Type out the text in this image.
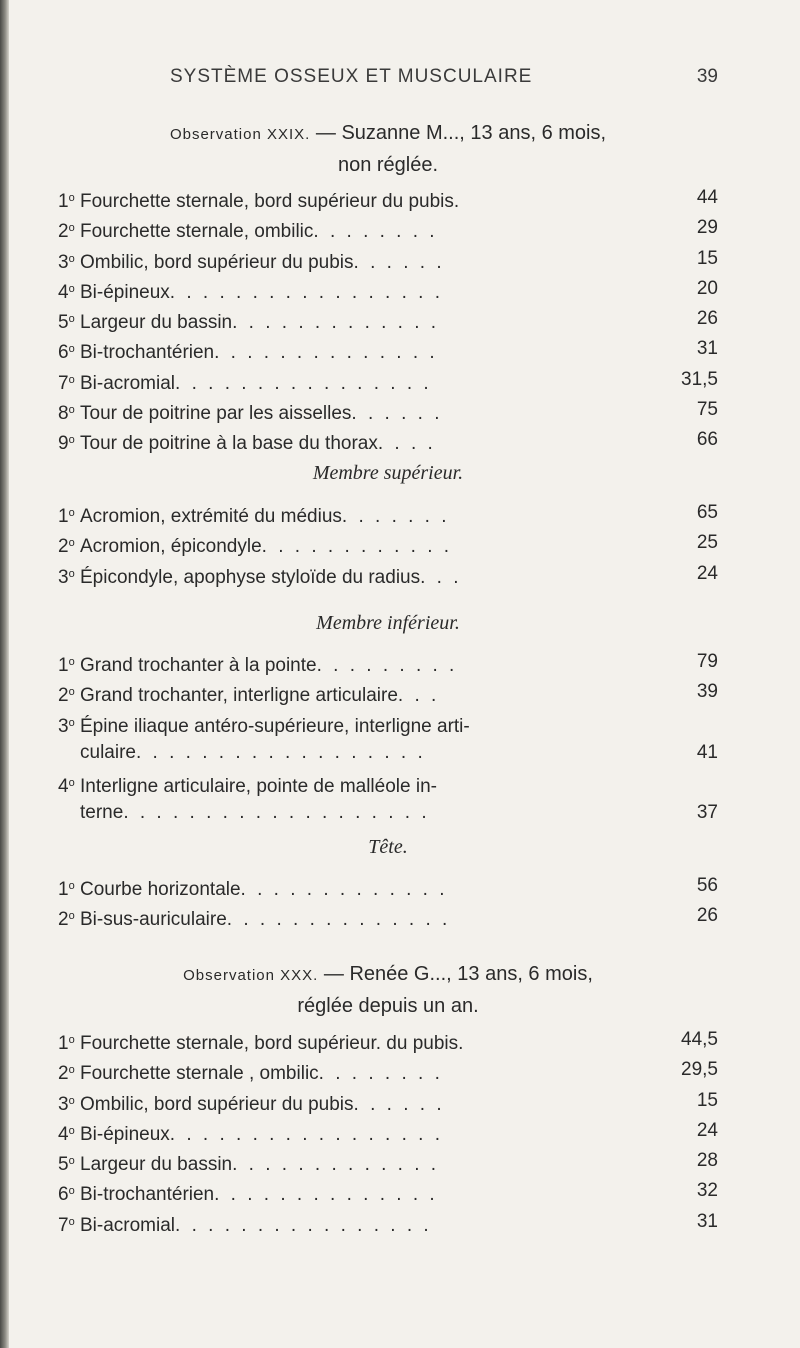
SYSTÈME OSSEUX ET MUSCULAIRE	39
Observation XXIX. — Suzanne M..., 13 ans, 6 mois,
non réglée.
1$^o$ Fourchette sternale, bord supérieur du pubis.	44
2$^o$ Fourchette sternale, ombilic. . . . . . . .	29
3$^o$ Ombilic, bord supérieur du pubis. . . . . .	15
4$^o$ Bi-épineux. . . . . . . . . . . . . . . . .	20
5$^o$ Largeur du bassin. . . . . . . . . . . . .	26
6$^o$ Bi-trochantérien. . . . . . . . . . . . . .	31
7$^o$ Bi-acromial. . . . . . . . . . . . . . . .	31,5
8$^o$ Tour de poitrine par les aisselles. . . . . .	75
9$^o$ Tour de poitrine à la base du thorax. . . .	66
Membre supérieur.
1$^o$ Acromion, extrémité du médius. . . . . . .	65
2$^o$ Acromion, épicondyle. . . . . . . . . . . .	25
3$^o$ Épicondyle, apophyse styloïde du radius. . .	24
Membre inférieur.
1$^o$ Grand trochanter à la pointe. . . . . . . . .	79
2$^o$ Grand trochanter, interligne articulaire. . .	39
3$^o$ Épine iliaque antéro-supérieure, interligne arti-
culaire. . . . . . . . . . . . . . . . . .	41
4$^o$ Interligne articulaire, pointe de malléole in-
terne. . . . . . . . . . . . . . . . . . .	37
Tête.
1$^o$ Courbe horizontale. . . . . . . . . . . . .	56
2$^o$ Bi-sus-auriculaire. . . . . . . . . . . . . .	26
Observation XXX. — Renée G..., 13 ans, 6 mois,
réglée depuis un an.
1$^o$ Fourchette sternale, bord supérieur. du pubis.	44,5
2$^o$ Fourchette sternale , ombilic. . . . . . . .	29,5
3$^o$ Ombilic, bord supérieur du pubis. . . . . .	15
4$^o$ Bi-épineux. . . . . . . . . . . . . . . . .	24
5$^o$ Largeur du bassin. . . . . . . . . . . . .	28
6$^o$ Bi-trochantérien. . . . . . . . . . . . . .	32
7$^o$ Bi-acromial. . . . . . . . . . . . . . . .	31
